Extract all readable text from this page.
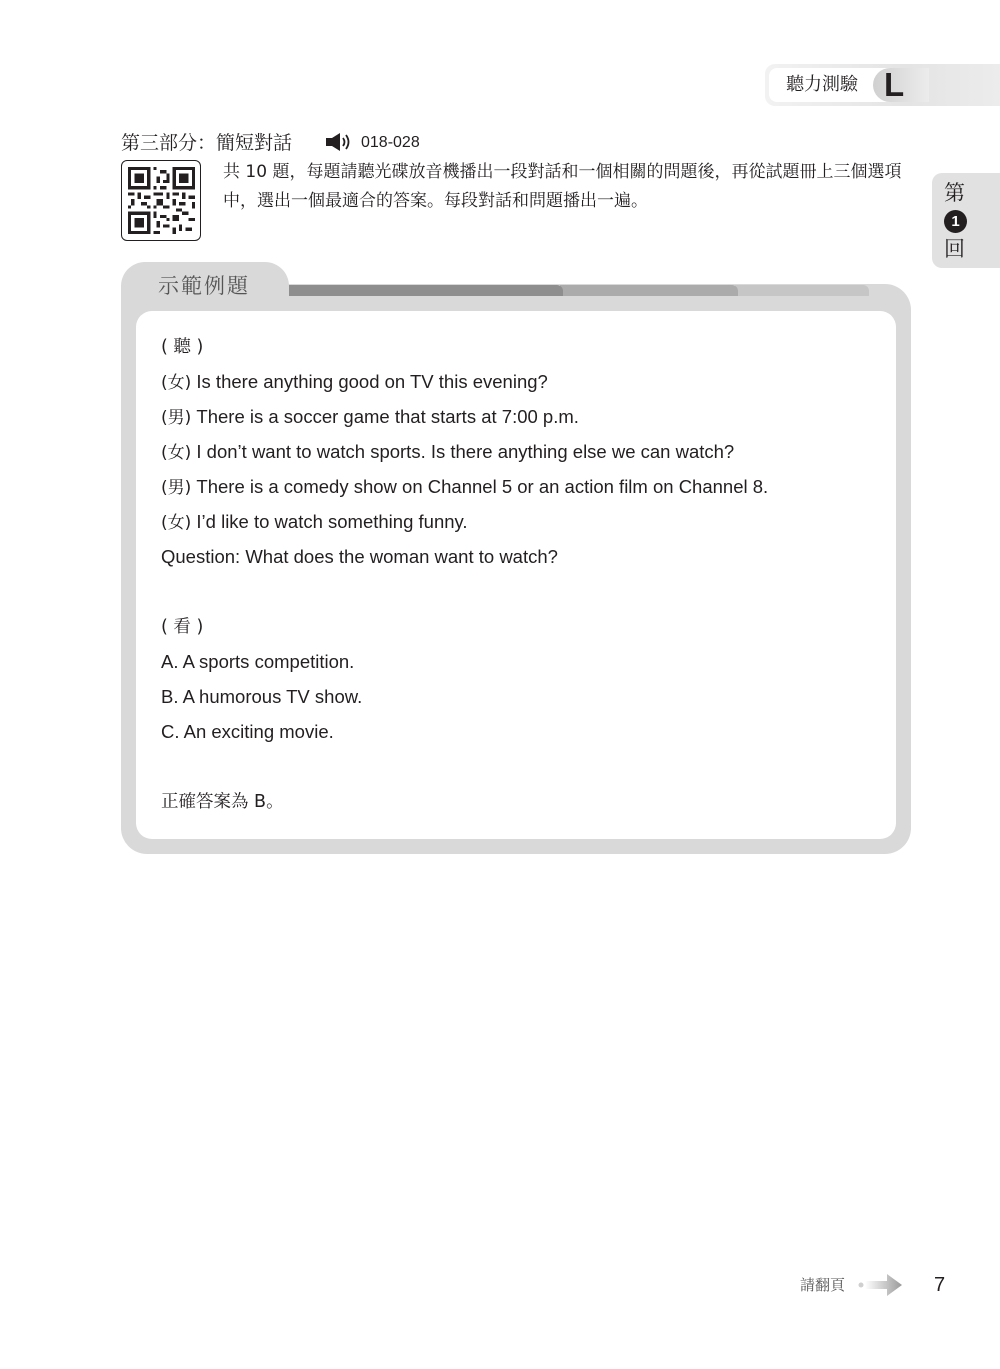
聽力測驗 L
第
1
回
第三部分：簡短對話	018-028
共 10 題，每題請聽光碟放音機播出一段對話和一個相關的問題後，再從試題冊上三個選項中，選出一個最適合的答案。每段對話和問題播出一遍。
示範例題
( 聽 )
(女) Is there anything good on TV this evening?
(男) There is a soccer game that starts at 7:00 p.m.
(女) I don’t want to watch sports. Is there anything else we can watch?
(男) There is a comedy show on Channel 5 or an action film on Channel 8.
(女) I’d like to watch something funny.
Question: What does the woman want to watch?
( 看 )
A. A sports competition.
B. A humorous TV show.
C. An exciting movie.
正確答案為 B。
請翻頁	7
